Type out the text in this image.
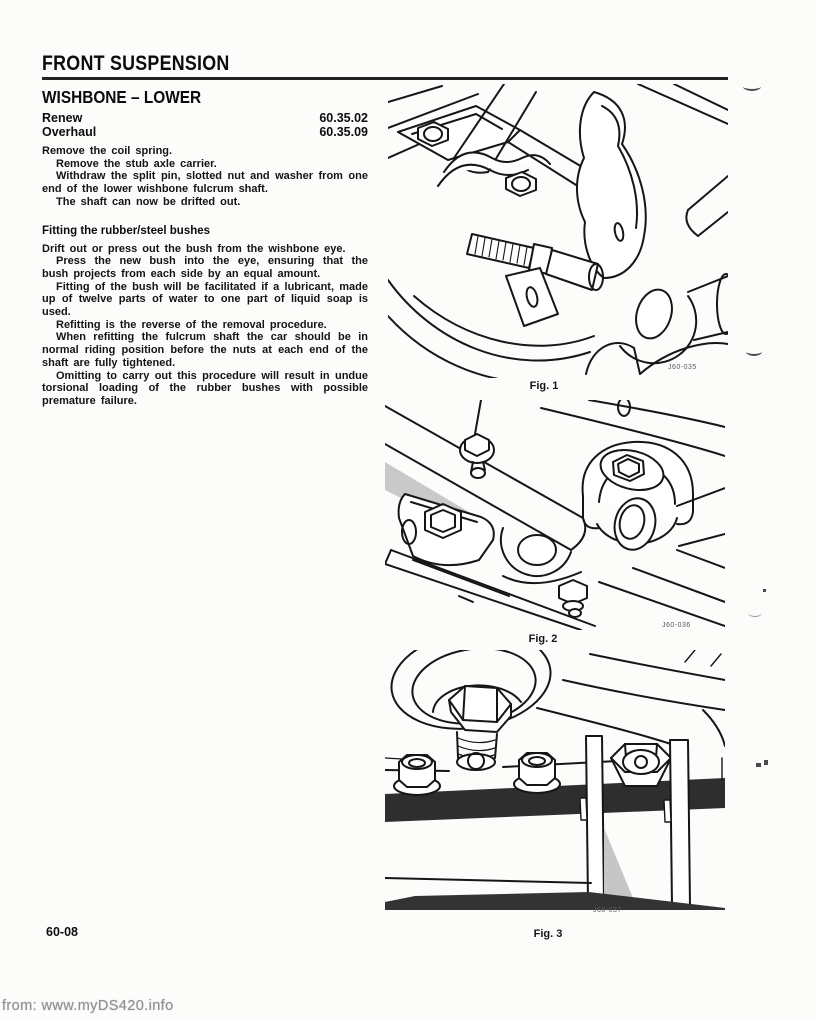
FRONT SUSPENSION
WISHBONE – LOWER
Renew	60.35.02
Overhaul	60.35.09

Remove the coil spring.

Remove the stub axle carrier.

Withdraw the split pin, slotted nut and washer from one end of the lower wishbone fulcrum shaft.

The shaft can now be drifted out.

Fitting the rubber/steel bushes

Drift out or press out the bush from the wishbone eye.

Press the new bush into the eye, ensuring that the bush projects from each side by an equal amount.

Fitting of the bush will be facilitated if a lubricant, made up of twelve parts of water to one part of liquid soap is used.

Refitting is the reverse of the removal procedure.

When refitting the fulcrum shaft the car should be in normal riding position before the nuts at each end of the shaft are fully tightened.

Omitting to carry out this procedure will result in undue torsional loading of the rubber bushes with possible premature failure.

J60-035
Fig. 1
J60-036
Fig. 2
J60-037
Fig. 3
60-08
from: www.myDS420.info
